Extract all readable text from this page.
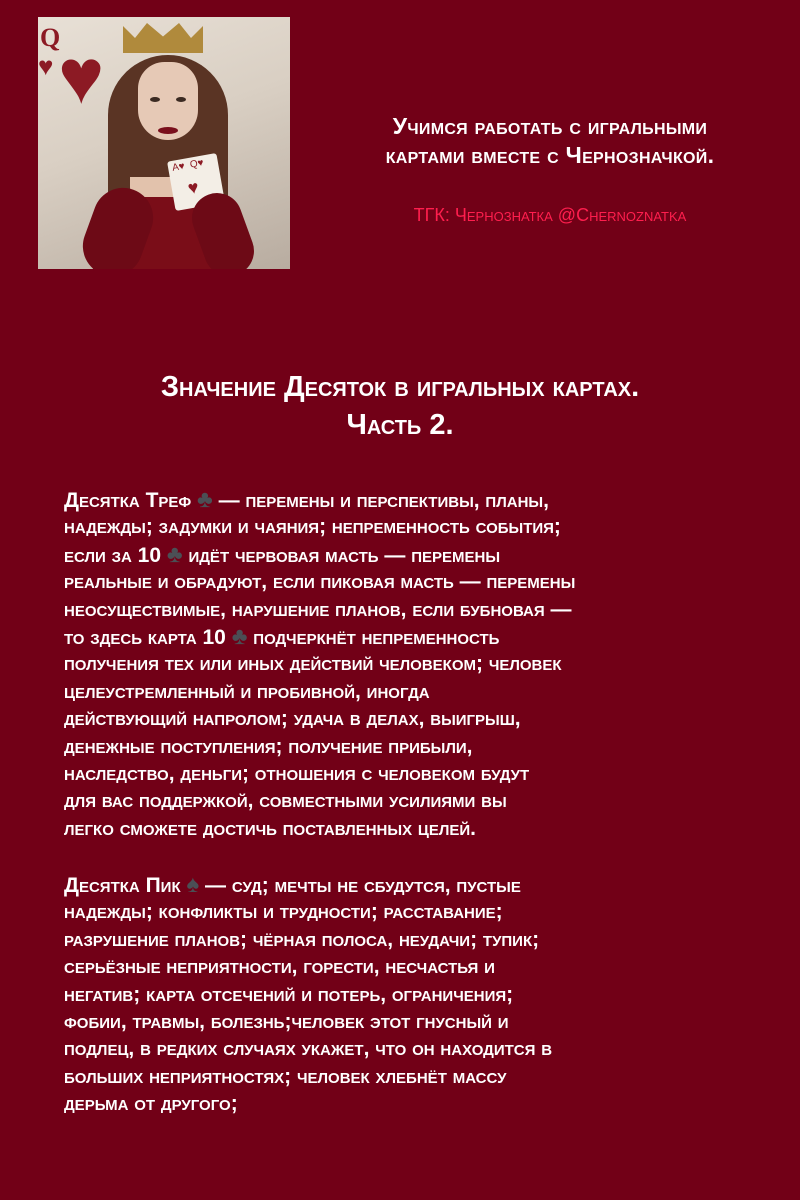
Q
♥ ♥
A♥ Q♥
♥
Учимся работать с игральными
картами вместе с Чернозначкой.
ТГК: Чернознатка @Chernoznatka
Значение Десяток в игральных картах.
Часть 2.
Десятка Треф ♣ — перемены и перспективы, планы,
надежды; задумки и чаяния; непременность события;
если за 10 ♣ идёт червовая масть — перемены
реальные и обрадуют, если пиковая масть — перемены
неосуществимые, нарушение планов, если бубновая —
то здесь карта 10 ♣ подчеркнёт непременность
получения тех или иных действий человеком; человек
целеустремленный и пробивной, иногда
действующий напролом; удача в делах, выигрыш,
денежные поступления; получение прибыли,
наследство, деньги; отношения с человеком будут
для вас поддержкой, совместными усилиями вы
легко сможете достичь поставленных целей.
Десятка Пик ♠ — суд; мечты не сбудутся, пустые
надежды; конфликты и трудности; расставание;
разрушение планов; чёрная полоса, неудачи; тупик;
серьёзные неприятности, горести, несчастья и
негатив; карта отсечений и потерь, ограничения;
фобии, травмы, болезнь;человек этот гнусный и
подлец, в редких случаях укажет, что он находится в
больших неприятностях; человек хлебнёт массу
дерьма от другого;
